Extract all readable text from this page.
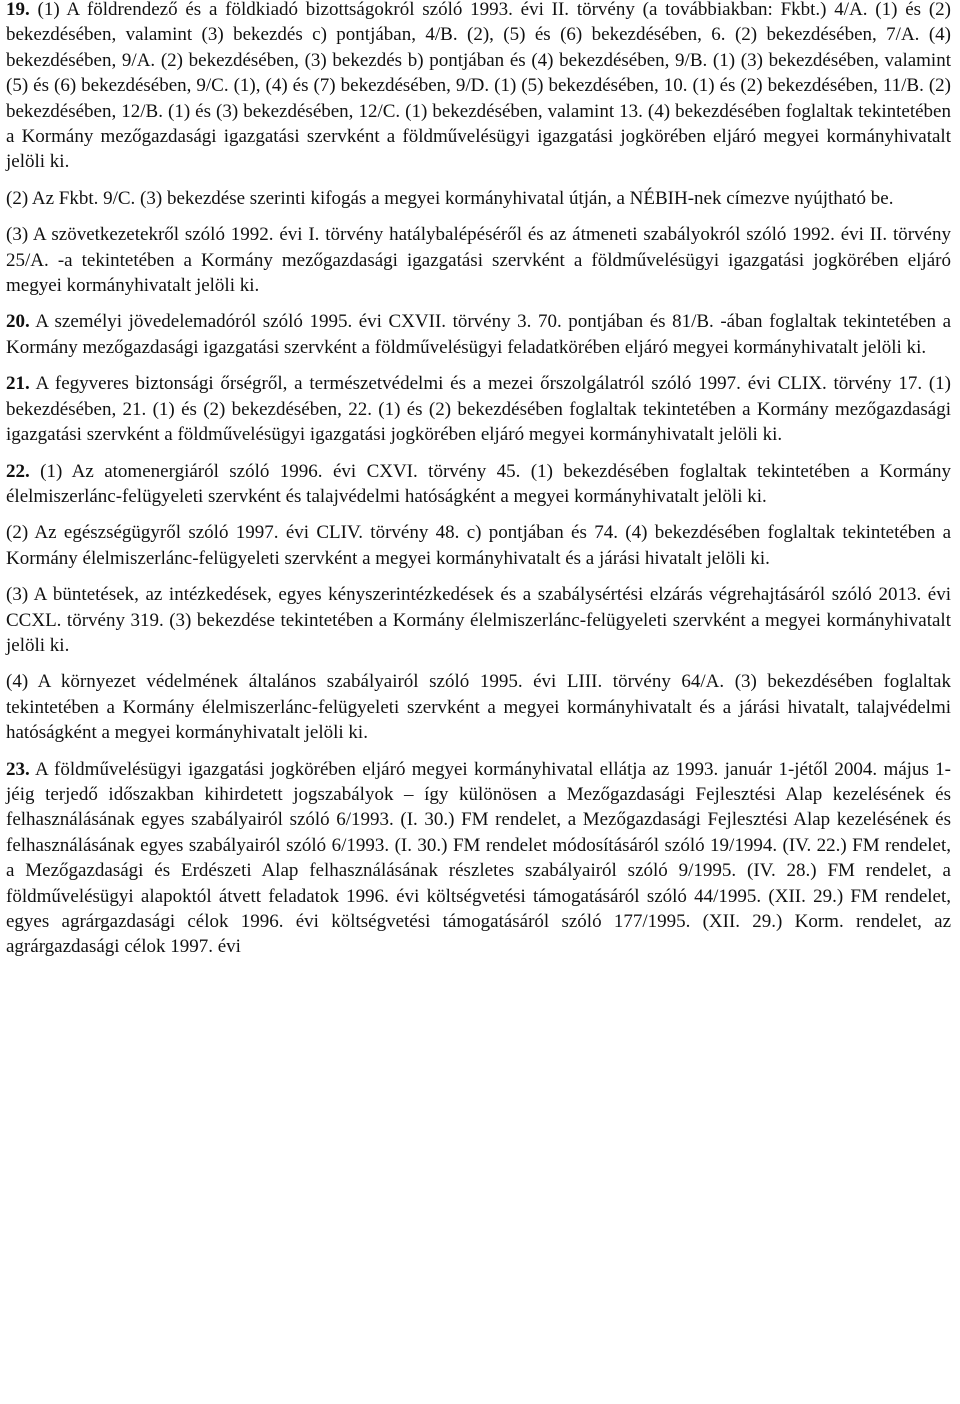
19. (1) A földrendező és a földkiadó bizottságokról szóló 1993. évi II. törvény (a továbbiakban: Fkbt.) 4/A. (1) és (2) bekezdésében, valamint (3) bekezdés c) pontjában, 4/B. (2), (5) és (6) bekezdésében, 6. (2) bekezdésében, 7/A. (4) bekezdésében, 9/A. (2) bekezdésében, (3) bekezdés b) pontjában és (4) bekezdésében, 9/B. (1) (3) bekezdésében, valamint (5) és (6) bekezdésében, 9/C. (1), (4) és (7) bekezdésében, 9/D. (1) (5) bekezdésében, 10. (1) és (2) bekezdésében, 11/B. (2) bekezdésében, 12/B. (1) és (3) bekezdésében, 12/C. (1) bekezdésében, valamint 13. (4) bekezdésében foglaltak tekintetében a Kormány mezőgazdasági igazgatási szervként a földművelésügyi igazgatási jogkörében eljáró megyei kormányhivatalt jelöli ki.

(2) Az Fkbt. 9/C. (3) bekezdése szerinti kifogás a megyei kormányhivatal útján, a NÉBIH-nek címezve nyújtható be.

(3) A szövetkezetekről szóló 1992. évi I. törvény hatálybalépéséről és az átmeneti szabályokról szóló 1992. évi II. törvény 25/A. -a tekintetében a Kormány mezőgazdasági igazgatási szervként a földművelésügyi igazgatási jogkörében eljáró megyei kormányhivatalt jelöli ki.

20. A személyi jövedelemadóról szóló 1995. évi CXVII. törvény 3. 70. pontjában és 81/B. -ában foglaltak tekintetében a Kormány mezőgazdasági igazgatási szervként a földművelésügyi feladatkörében eljáró megyei kormányhivatalt jelöli ki.

21. A fegyveres biztonsági őrségről, a természetvédelmi és a mezei őrszolgálatról szóló 1997. évi CLIX. törvény 17. (1) bekezdésében, 21. (1) és (2) bekezdésében, 22. (1) és (2) bekezdésében foglaltak tekintetében a Kormány mezőgazdasági igazgatási szervként a földművelésügyi igazgatási jogkörében eljáró megyei kormányhivatalt jelöli ki.

22. (1) Az atomenergiáról szóló 1996. évi CXVI. törvény 45. (1) bekezdésében foglaltak tekintetében a Kormány élelmiszerlánc-felügyeleti szervként és talajvédelmi hatóságként a megyei kormányhivatalt jelöli ki.

(2) Az egészségügyről szóló 1997. évi CLIV. törvény 48. c) pontjában és 74. (4) bekezdésében foglaltak tekintetében a Kormány élelmiszerlánc-felügyeleti szervként a megyei kormányhivatalt és a járási hivatalt jelöli ki.

(3) A büntetések, az intézkedések, egyes kényszerintézkedések és a szabálysértési elzárás végrehajtásáról szóló 2013. évi CCXL. törvény 319. (3) bekezdése tekintetében a Kormány élelmiszerlánc-felügyeleti szervként a megyei kormányhivatalt jelöli ki.

(4) A környezet védelmének általános szabályairól szóló 1995. évi LIII. törvény 64/A. (3) bekezdésében foglaltak tekintetében a Kormány élelmiszerlánc-felügyeleti szervként a megyei kormányhivatalt és a járási hivatalt, talajvédelmi hatóságként a megyei kormányhivatalt jelöli ki.

23. A földművelésügyi igazgatási jogkörében eljáró megyei kormányhivatal ellátja az 1993. január 1-jétől 2004. május 1-jéig terjedő időszakban kihirdetett jogszabályok – így különösen a Mezőgazdasági Fejlesztési Alap kezelésének és felhasználásának egyes szabályairól szóló 6/1993. (I. 30.) FM rendelet, a Mezőgazdasági Fejlesztési Alap kezelésének és felhasználásának egyes szabályairól szóló 6/1993. (I. 30.) FM rendelet módosításáról szóló 19/1994. (IV. 22.) FM rendelet, a Mezőgazdasági és Erdészeti Alap felhasználásának részletes szabályairól szóló 9/1995. (IV. 28.) FM rendelet, a földművelésügyi alapoktól átvett feladatok 1996. évi költségvetési támogatásáról szóló 44/1995. (XII. 29.) FM rendelet, egyes agrárgazdasági célok 1996. évi költségvetési támogatásáról szóló 177/1995. (XII. 29.) Korm. rendelet, az agrárgazdasági célok 1997. évi
